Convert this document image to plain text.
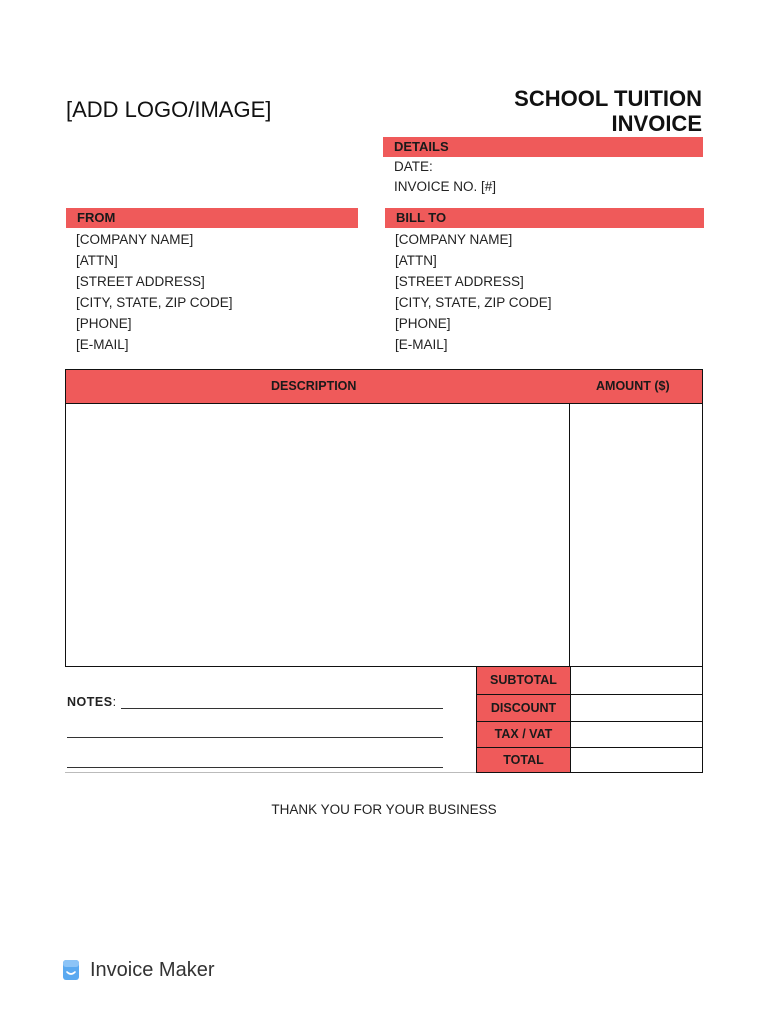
[ADD LOGO/IMAGE]	SCHOOL TUITION
INVOICE
DETAILS
DATE:
INVOICE NO. [#]
FROM
[COMPANY NAME]
[ATTN]
[STREET ADDRESS]
[CITY, STATE, ZIP CODE]
[PHONE]
[E-MAIL]
BILL TO
[COMPANY NAME]
[ATTN]
[STREET ADDRESS]
[CITY, STATE, ZIP CODE]
[PHONE]
[E-MAIL]
DESCRIPTION	AMOUNT ($)
SUBTOTAL
DISCOUNT
TAX / VAT
TOTAL
NOTES:
THANK YOU FOR YOUR BUSINESS
Invoice Maker
